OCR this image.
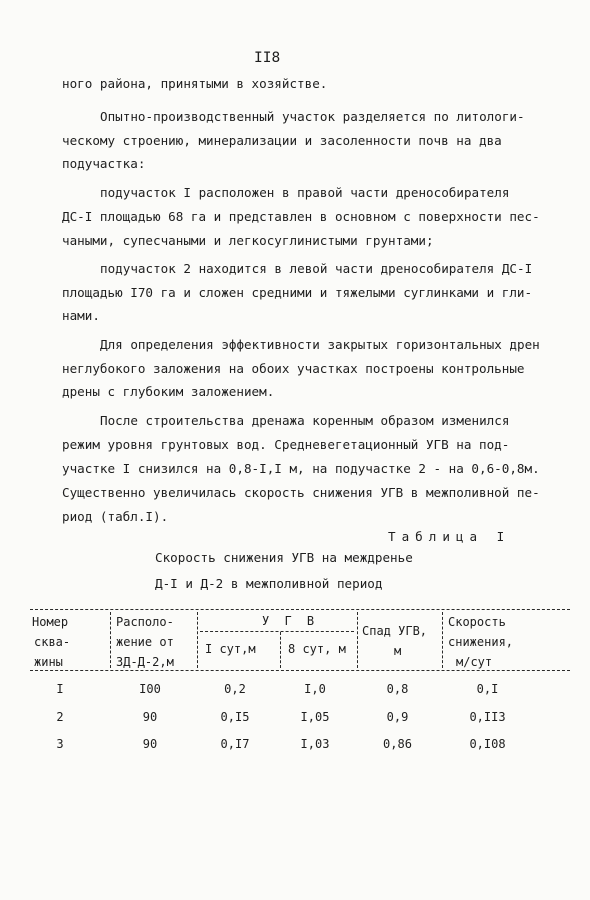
II8
ного района, принятыми в хозяйстве.
Опытно-производственный участок разделяется по литологи-
ческому строению, минерализации и засоленности почв на два
подучастка:
подучасток I расположен в правой части дренособирателя
ДС-I площадью 68 га и представлен в основном с поверхности пес-
чаными, супесчаными и легкосуглинистыми грунтами;
подучасток 2 находится в левой части дренособирателя ДС-I
площадью I70 га и сложен средними и тяжелыми суглинками и гли-
нами.
Для определения эффективности закрытых горизонтальных дрен
неглубокого заложения на обоих участках построены контрольные
дрены с глубоким заложением.
После строительства дренажа коренным образом изменился
режим уровня грунтовых вод. Средневегетационный УГВ на под-
участке I снизился на 0,8-I,I м, на подучастке 2 - на 0,6-0,8м.
Существенно увеличилась скорость снижения УГВ в межполивной пе-
риод (табл.I).
Таблица I
Скорость снижения УГВ на междренье
Д-I и Д-2 в межполивной период
Номер
сква-
жины
Располо-
жение от
ЗД-Д-2,м
У Г В
I сут,м	8 сут, м
Спад УГВ,
м
Скорость
снижения,
м/сут
I	I00	0,2	I,0	0,8	0,I
2	90	0,I5	I,05	0,9	0,II3
3	90	0,I7	I,03	0,86	0,I08
